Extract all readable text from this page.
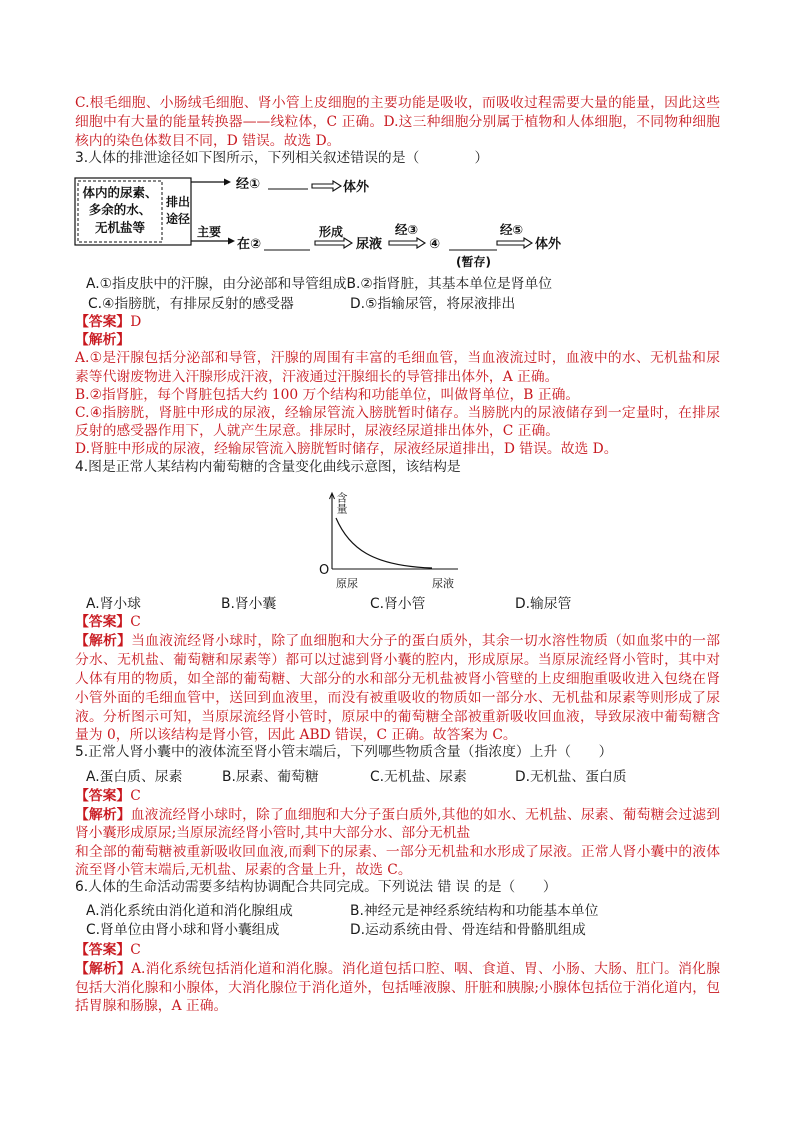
C.根毛细胞、小肠绒毛细胞、肾小管上皮细胞的主要功能是吸收，而吸收过程需要大量的能量，因此这些
细胞中有大量的能量转换器——线粒体，C 正确。D.这三种细胞分别属于植物和人体细胞，不同物种细胞
核内的染色体数目不同，D 错误。故选 D。
3.人体的排泄途径如下图所示，下列相关叙述错误的是（　　　　）
体内的尿素、
多余的水、
无机盐等
排出
途径
经①	体外
主要
在②
形成
尿液
经③
④
(暂存)
经⑤
体外
A.①指皮肤中的汗腺，由分泌部和导管组成B.②指肾脏，其基本单位是肾单位
C.④指膀胱，有排尿反射的感受器	D.⑤指输尿管，将尿液排出
【答案】D
【解析】
A.①是汗腺包括分泌部和导管，汗腺的周围有丰富的毛细血管，当血液流过时，血液中的水、无机盐和尿
素等代谢废物进入汗腺形成汗液，汗液通过汗腺细长的导管排出体外，A 正确。
B.②指肾脏，每个肾脏包括大约 100 万个结构和功能单位，叫做肾单位，B 正确。
C.④指膀胱，肾脏中形成的尿液，经输尿管流入膀胱暂时储存。当膀胱内的尿液储存到一定量时，在排尿
反射的感受器作用下，人就产生尿意。排尿时，尿液经尿道排出体外，C 正确。
D.肾脏中形成的尿液，经输尿管流入膀胱暂时储存，尿液经尿道排出，D 错误。故选 D。
4.图是正常人某结构内葡萄糖的含量变化曲线示意图，该结构是
O
原尿	尿液
含量
A.肾小球	B.肾小囊	C.肾小管	D.输尿管
【答案】C
【解析】当血液流经肾小球时，除了血细胞和大分子的蛋白质外，其余一切水溶性物质（如血浆中的一部
分水、无机盐、葡萄糖和尿素等）都可以过滤到肾小囊的腔内，形成原尿。当原尿流经肾小管时，其中对
人体有用的物质，如全部的葡萄糖、大部分的水和部分无机盐被肾小管壁的上皮细胞重吸收进入包绕在肾
小管外面的毛细血管中，送回到血液里，而没有被重吸收的物质如一部分水、无机盐和尿素等则形成了尿
液。分析图示可知，当原尿流经肾小管时，原尿中的葡萄糖全部被重新吸收回血液，导致尿液中葡萄糖含
量为 0，所以该结构是肾小管，因此 ABD 错误，C 正确。故答案为 C。
5.正常人肾小囊中的液体流至肾小管末端后，下列哪些物质含量（指浓度）上升（　　）
A.蛋白质、尿素	B.尿素、葡萄糖	C.无机盐、尿素	D.无机盐、蛋白质
【答案】C
【解析】血液流经肾小球时，除了血细胞和大分子蛋白质外,其他的如水、无机盐、尿素、葡萄糖会过滤到
肾小囊形成原尿;当原尿流经肾小管时,其中大部分水、部分无机盐
和全部的葡萄糖被重新吸收回血液,而剩下的尿素、一部分无机盐和水形成了尿液。正常人肾小囊中的液体
流至肾小管末端后,无机盐、尿素的含量上升，故选 C。
6.人体的生命活动需要多结构协调配合共同完成。下列说法 错 误 的是（　　）
A.消化系统由消化道和消化腺组成	B.神经元是神经系统结构和功能基本单位
C.肾单位由肾小球和肾小囊组成	D.运动系统由骨、骨连结和骨骼肌组成
【答案】C
【解析】A.消化系统包括消化道和消化腺。消化道包括口腔、咽、食道、胃、小肠、大肠、肛门。消化腺
包括大消化腺和小腺体，大消化腺位于消化道外，包括唾液腺、肝脏和胰腺;小腺体包括位于消化道内，包
括胃腺和肠腺，A 正确。
